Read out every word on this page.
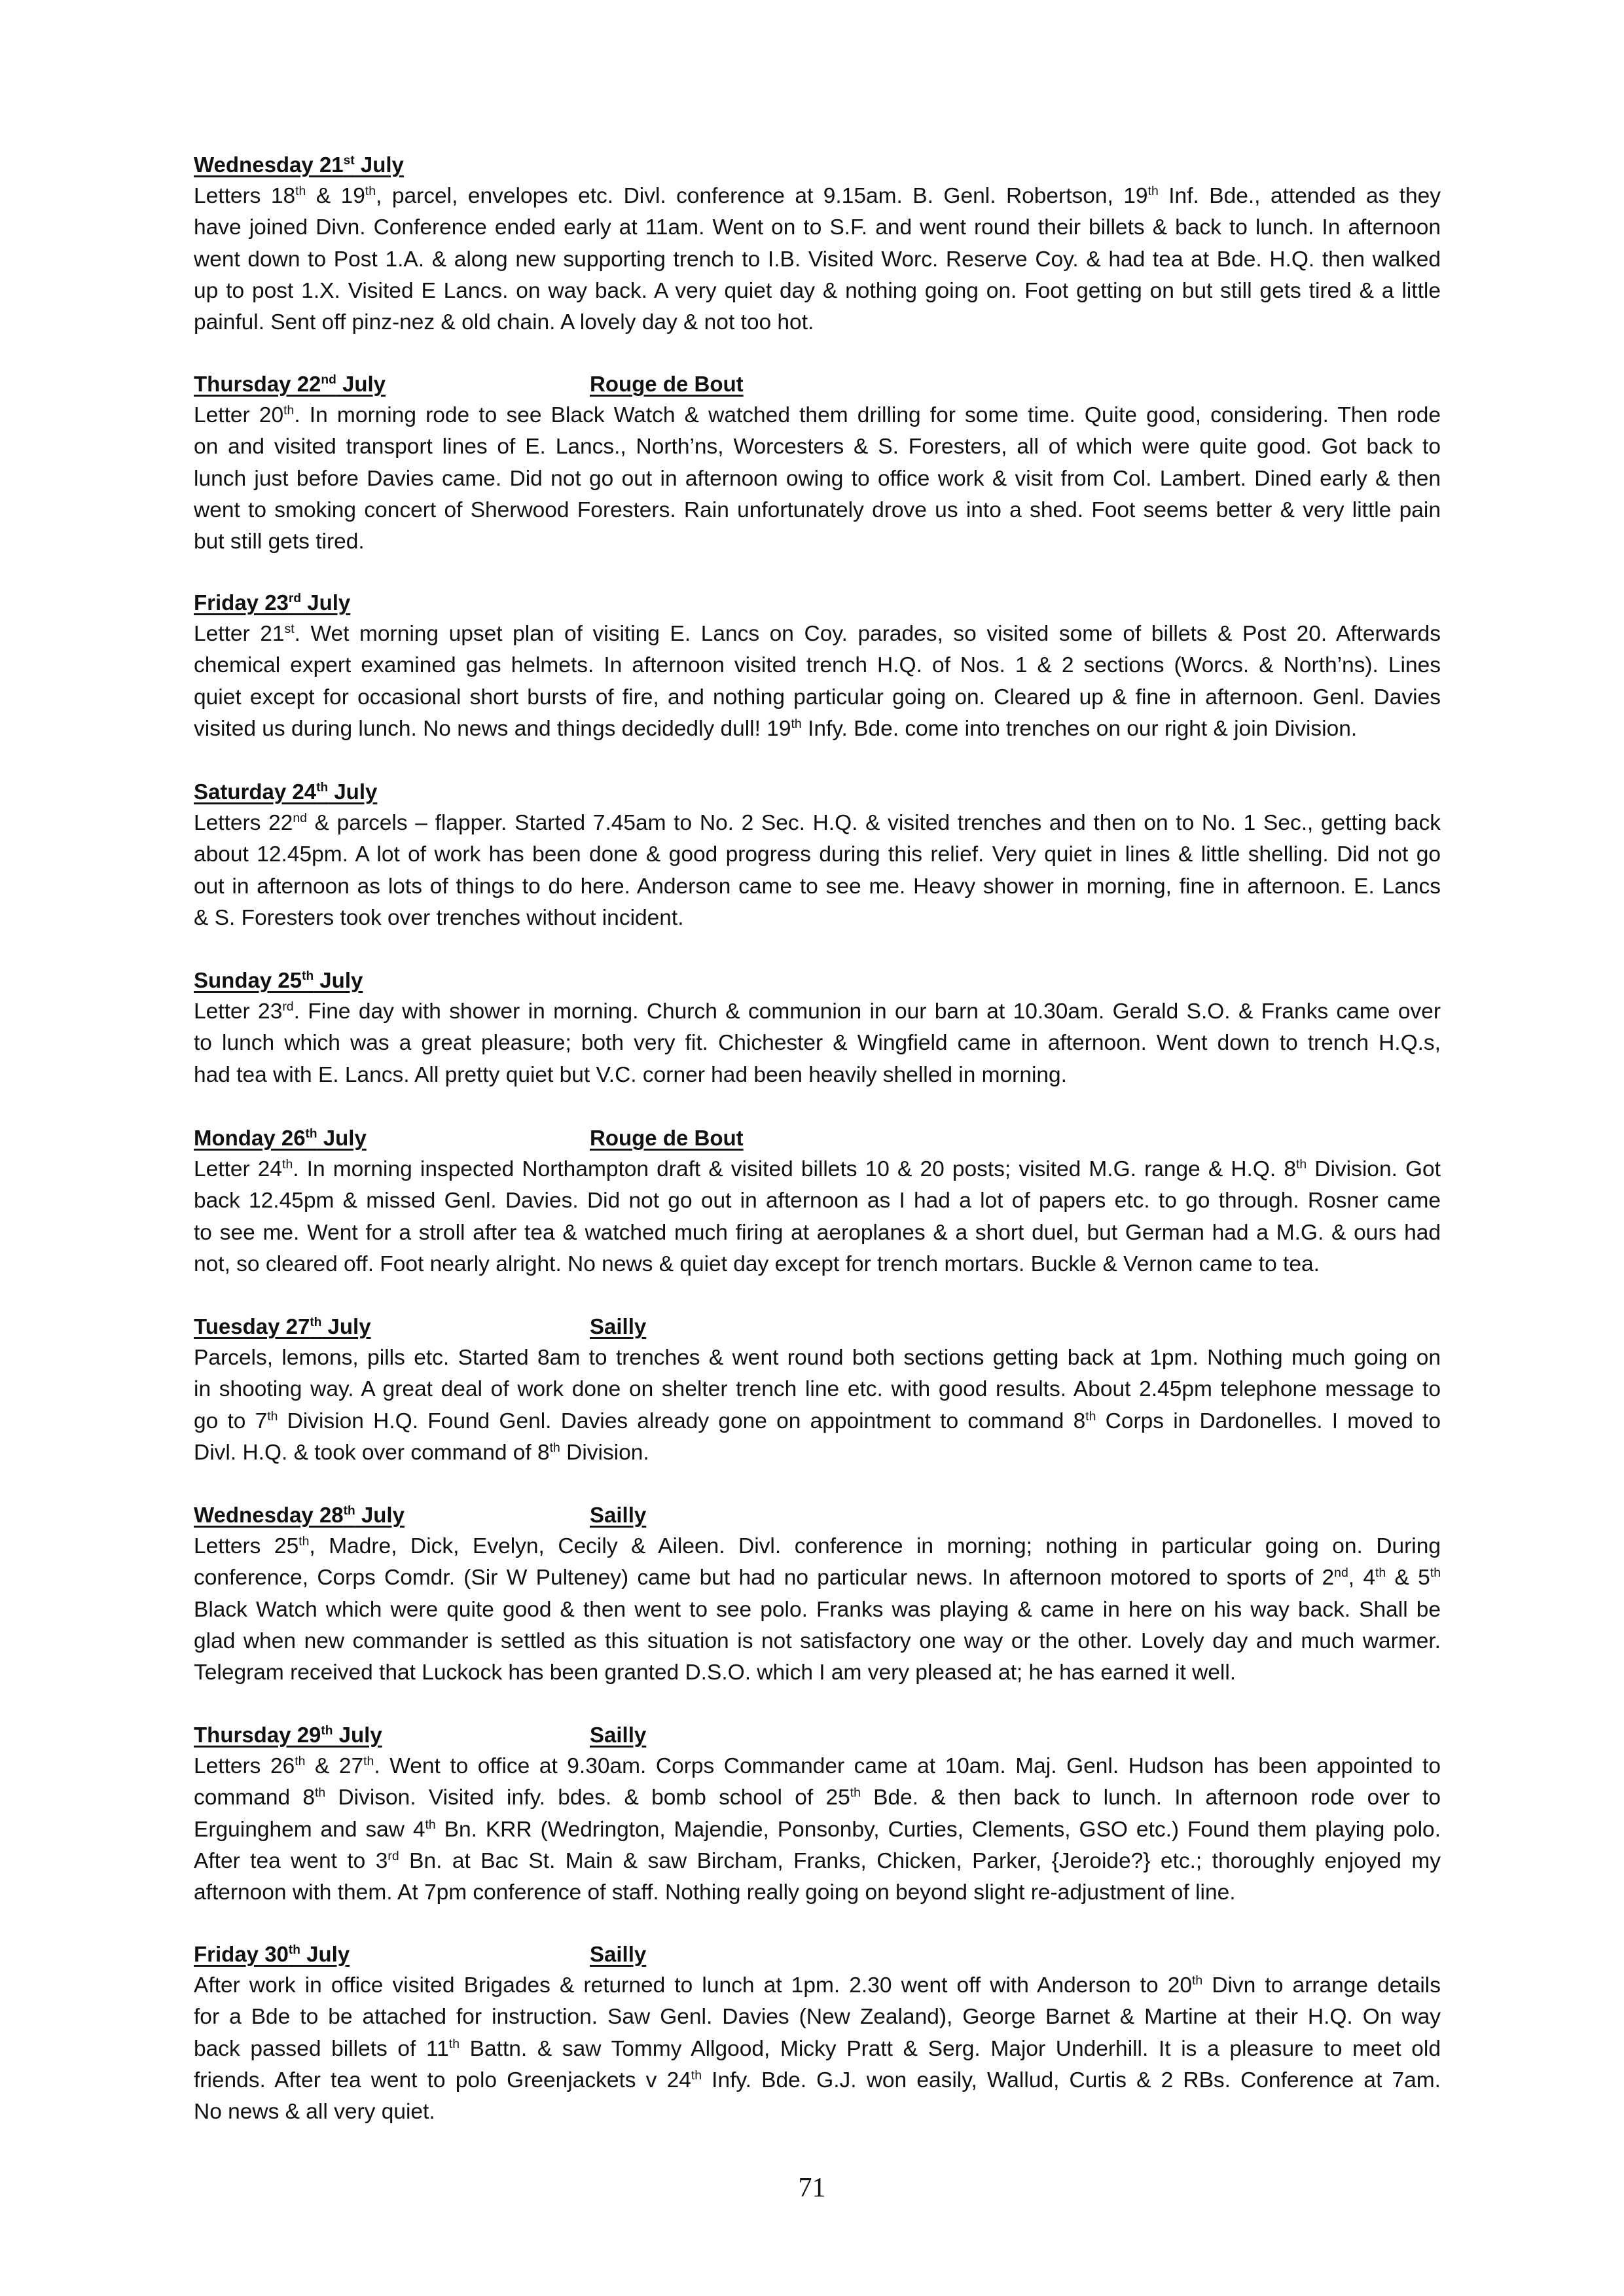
Wednesday 21st July
Letters 18th & 19th, parcel, envelopes etc. Divl. conference at 9.15am. B. Genl. Robertson, 19th Inf. Bde., attended as they
have joined Divn. Conference ended early at 11am. Went on to S.F. and went round their billets & back to lunch. In afternoon
went down to Post 1.A. & along new supporting trench to I.B. Visited Worc. Reserve Coy. & had tea at Bde. H.Q. then walked
up to post 1.X. Visited E Lancs. on way back. A very quiet day & nothing going on. Foot getting on but still gets tired & a little
painful. Sent off pinz-nez & old chain. A lovely day & not too hot.
Thursday 22nd July	Rouge de Bout
Letter 20th. In morning rode to see Black Watch & watched them drilling for some time. Quite good, considering. Then rode
on and visited transport lines of E. Lancs., North’ns, Worcesters & S. Foresters, all of which were quite good. Got back to
lunch just before Davies came. Did not go out in afternoon owing to office work & visit from Col. Lambert. Dined early & then
went to smoking concert of Sherwood Foresters. Rain unfortunately drove us into a shed. Foot seems better & very little pain
but still gets tired.
Friday 23rd July
Letter 21st. Wet morning upset plan of visiting E. Lancs on Coy. parades, so visited some of billets & Post 20. Afterwards
chemical expert examined gas helmets. In afternoon visited trench H.Q. of Nos. 1 & 2 sections (Worcs. & North’ns). Lines
quiet except for occasional short bursts of fire, and nothing particular going on. Cleared up & fine in afternoon. Genl. Davies
visited us during lunch. No news and things decidedly dull! 19th Infy. Bde. come into trenches on our right & join Division.
Saturday 24th July
Letters 22nd & parcels – flapper. Started 7.45am to No. 2 Sec. H.Q. & visited trenches and then on to No. 1 Sec., getting back
about 12.45pm. A lot of work has been done & good progress during this relief. Very quiet in lines & little shelling. Did not go
out in afternoon as lots of things to do here. Anderson came to see me. Heavy shower in morning, fine in afternoon. E. Lancs
& S. Foresters took over trenches without incident.
Sunday 25th July
Letter 23rd. Fine day with shower in morning. Church & communion in our barn at 10.30am. Gerald S.O. & Franks came over
to lunch which was a great pleasure; both very fit. Chichester & Wingfield came in afternoon. Went down to trench H.Q.s,
had tea with E. Lancs. All pretty quiet but V.C. corner had been heavily shelled in morning.
Monday 26th July	Rouge de Bout
Letter 24th. In morning inspected Northampton draft & visited billets 10 & 20 posts; visited M.G. range & H.Q. 8th Division. Got
back 12.45pm & missed Genl. Davies. Did not go out in afternoon as I had a lot of papers etc. to go through. Rosner came
to see me. Went for a stroll after tea & watched much firing at aeroplanes & a short duel, but German had a M.G. & ours had
not, so cleared off. Foot nearly alright. No news & quiet day except for trench mortars. Buckle & Vernon came to tea.
Tuesday 27th July	Sailly
Parcels, lemons, pills etc. Started 8am to trenches & went round both sections getting back at 1pm. Nothing much going on
in shooting way. A great deal of work done on shelter trench line etc. with good results. About 2.45pm telephone message to
go to 7th Division H.Q. Found Genl. Davies already gone on appointment to command 8th Corps in Dardonelles. I moved to
Divl. H.Q. & took over command of 8th Division.
Wednesday 28th July	Sailly
Letters 25th, Madre, Dick, Evelyn, Cecily & Aileen. Divl. conference in morning; nothing in particular going on. During
conference, Corps Comdr. (Sir W Pulteney) came but had no particular news. In afternoon motored to sports of 2nd, 4th & 5th
Black Watch which were quite good & then went to see polo. Franks was playing & came in here on his way back. Shall be
glad when new commander is settled as this situation is not satisfactory one way or the other. Lovely day and much warmer.
Telegram received that Luckock has been granted D.S.O. which I am very pleased at; he has earned it well.
Thursday 29th July	Sailly
Letters 26th & 27th. Went to office at 9.30am. Corps Commander came at 10am. Maj. Genl. Hudson has been appointed to
command 8th Divison. Visited infy. bdes. & bomb school of 25th Bde. & then back to lunch. In afternoon rode over to
Erguinghem and saw 4th Bn. KRR (Wedrington, Majendie, Ponsonby, Curties, Clements, GSO etc.) Found them playing polo.
After tea went to 3rd Bn. at Bac St. Main & saw Bircham, Franks, Chicken, Parker, {Jeroide?} etc.; thoroughly enjoyed my
afternoon with them. At 7pm conference of staff. Nothing really going on beyond slight re-adjustment of line.
Friday 30th July	Sailly
After work in office visited Brigades & returned to lunch at 1pm. 2.30 went off with Anderson to 20th Divn to arrange details
for a Bde to be attached for instruction. Saw Genl. Davies (New Zealand), George Barnet & Martine at their H.Q. On way
back passed billets of 11th Battn. & saw Tommy Allgood, Micky Pratt & Serg. Major Underhill. It is a pleasure to meet old
friends. After tea went to polo Greenjackets v 24th Infy. Bde. G.J. won easily, Wallud, Curtis & 2 RBs. Conference at 7am.
No news & all very quiet.
71
